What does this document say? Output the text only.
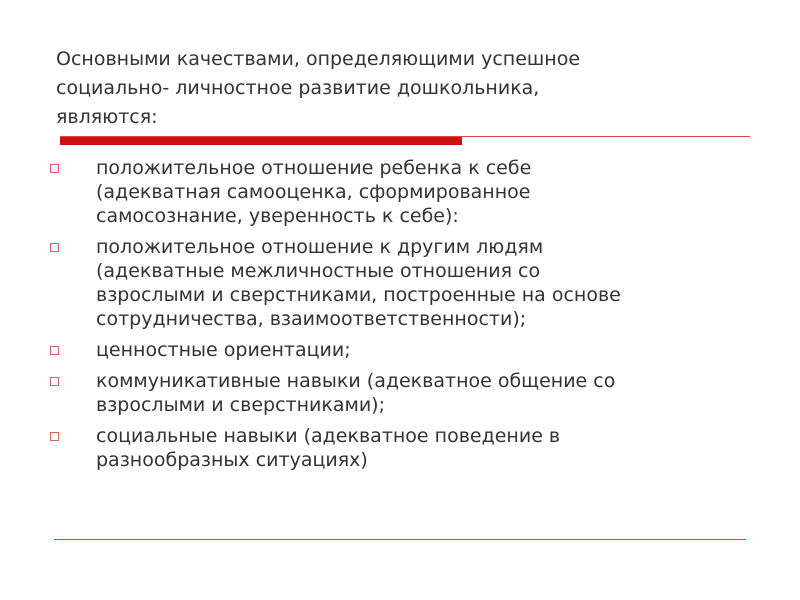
Основными качествами, определяющими успешное
социально- личностное развитие дошкольника,
являются:
положительное отношение ребенка к себе
(адекватная самооценка, сформированное
самосознание, уверенность к себе):
положительное отношение к другим людям
(адекватные межличностные отношения со
взрослыми и сверстниками, построенные на основе
сотрудничества, взаимоответственности);
ценностные ориентации;
коммуникативные навыки (адекватное общение со
взрослыми и сверстниками);
социальные навыки (адекватное поведение в
разнообразных ситуациях)
